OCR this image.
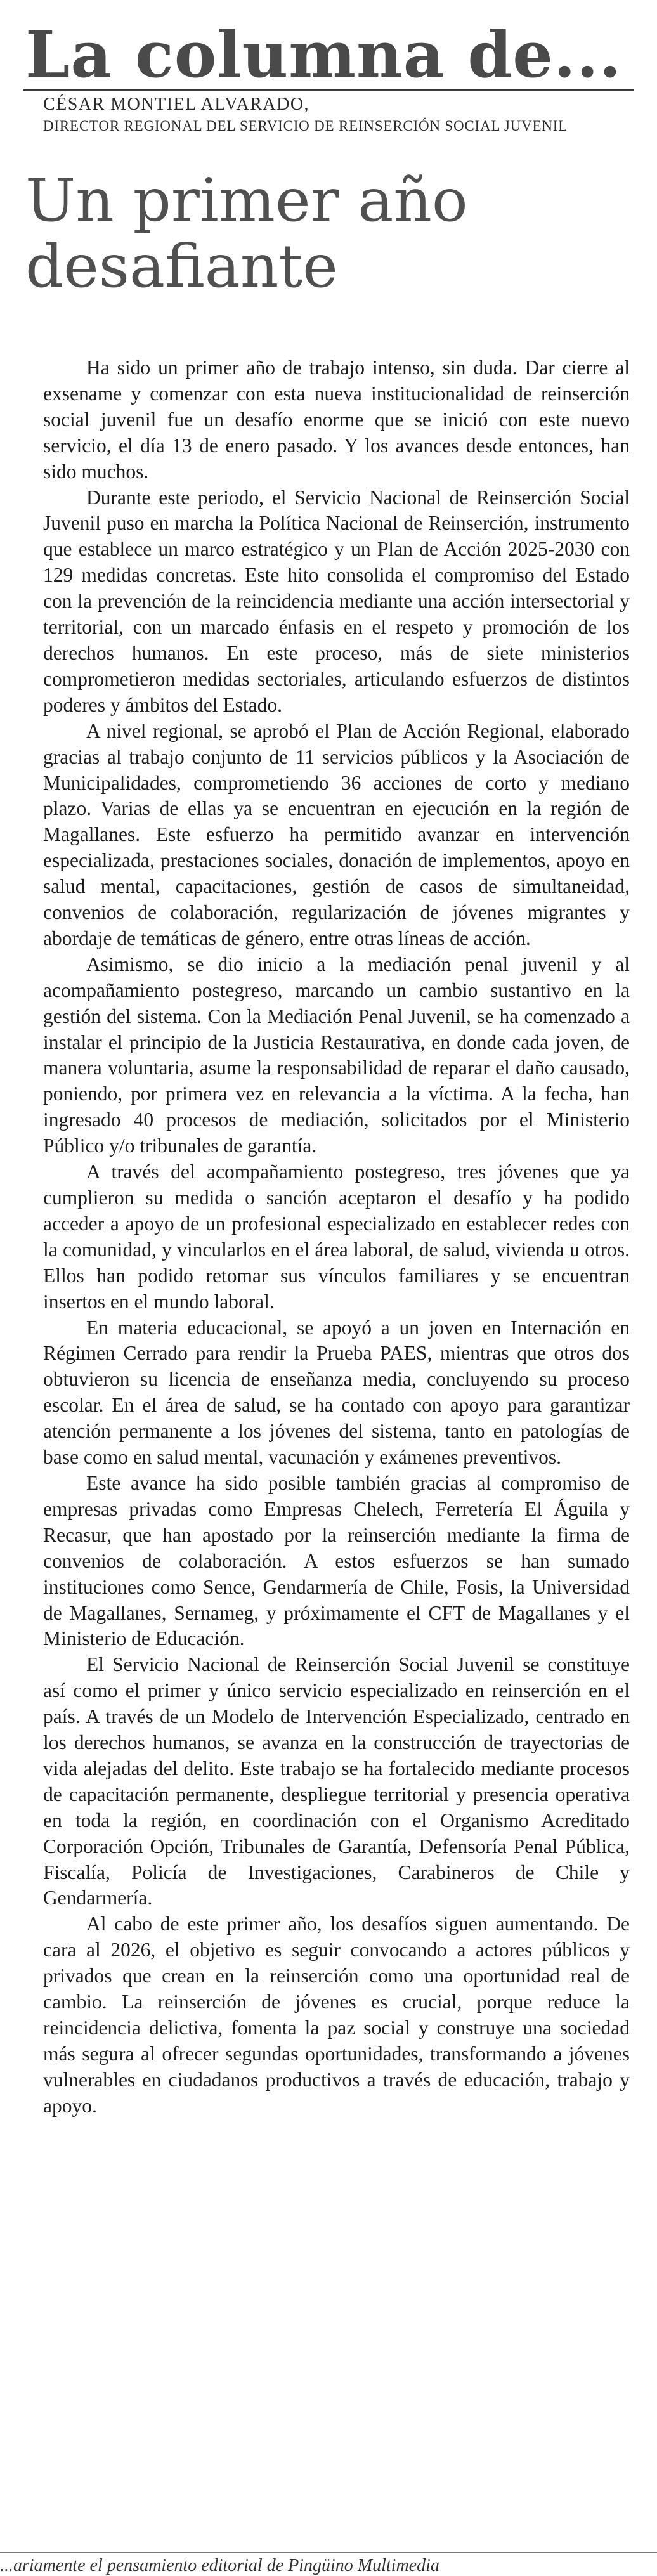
La columna de...

CÉSAR MONTIEL ALVARADO,

DIRECTOR REGIONAL DEL SERVICIO DE REINSERCIÓN SOCIAL JUVENIL

Un primer año desafiante

Ha sido un primer año de trabajo intenso, sin duda. Dar cierre al exsename y comenzar con esta nueva institucionalidad de reinserción social juvenil fue un desafío enorme que se inició con este nuevo servicio, el día 13 de enero pasado. Y los avances desde entonces, han sido muchos.

Durante este periodo, el Servicio Nacional de Reinserción Social Juvenil puso en marcha la Política Nacional de Reinserción, instrumento que establece un marco estratégico y un Plan de Acción 2025-2030 con 129 medidas concretas. Este hito consolida el compromiso del Estado con la prevención de la reincidencia mediante una acción intersectorial y territorial, con un marcado énfasis en el respeto y promoción de los derechos humanos. En este proceso, más de siete ministerios comprometieron medidas sectoriales, articulando esfuerzos de distintos poderes y ámbitos del Estado.

A nivel regional, se aprobó el Plan de Acción Regional, elaborado gracias al trabajo conjunto de 11 servicios públicos y la Asociación de Municipalidades, comprometiendo 36 acciones de corto y mediano plazo. Varias de ellas ya se encuentran en ejecución en la región de Magallanes. Este esfuerzo ha permitido avanzar en intervención especializada, prestaciones sociales, donación de implementos, apoyo en salud mental, capacitaciones, gestión de casos de simultaneidad, convenios de colaboración, regularización de jóvenes migrantes y abordaje de temáticas de género, entre otras líneas de acción.

Asimismo, se dio inicio a la mediación penal juvenil y al acompañamiento postegreso, marcando un cambio sustantivo en la gestión del sistema. Con la Mediación Penal Juvenil, se ha comenzado a instalar el principio de la Justicia Restaurativa, en donde cada joven, de manera voluntaria, asume la responsabilidad de reparar el daño causado, poniendo, por primera vez en relevancia a la víctima. A la fecha, han ingresado 40 procesos de mediación, solicitados por el Ministerio Público y/o tribunales de garantía.

A través del acompañamiento postegreso, tres jóvenes que ya cumplieron su medida o sanción aceptaron el desafío y ha podido acceder a apoyo de un profesional especializado en establecer redes con la comunidad, y vincularlos en el área laboral, de salud, vivienda u otros. Ellos han podido retomar sus vínculos familiares y se encuentran insertos en el mundo laboral.

En materia educacional, se apoyó a un joven en Internación en Régimen Cerrado para rendir la Prueba PAES, mientras que otros dos obtuvieron su licencia de enseñanza media, concluyendo su proceso escolar. En el área de salud, se ha contado con apoyo para garantizar atención permanente a los jóvenes del sistema, tanto en patologías de base como en salud mental, vacunación y exámenes preventivos.

Este avance ha sido posible también gracias al compromiso de empresas privadas como Empresas Chelech, Ferretería El Águila y Recasur, que han apostado por la reinserción mediante la firma de convenios de colaboración. A estos esfuerzos se han sumado instituciones como Sence, Gendarmería de Chile, Fosis, la Universidad de Magallanes, Sernameg, y próximamente el CFT de Magallanes y el Ministerio de Educación.

El Servicio Nacional de Reinserción Social Juvenil se constituye así como el primer y único servicio especializado en reinserción en el país. A través de un Modelo de Intervención Especializado, centrado en los derechos humanos, se avanza en la construcción de trayectorias de vida alejadas del delito. Este trabajo se ha fortalecido mediante procesos de capacitación permanente, despliegue territorial y presencia operativa en toda la región, en coordinación con el Organismo Acreditado Corporación Opción, Tribunales de Garantía, Defensoría Penal Pública, Fiscalía, Policía de Investigaciones, Carabineros de Chile y Gendarmería.

Al cabo de este primer año, los desafíos siguen aumentando. De cara al 2026, el objetivo es seguir convocando a actores públicos y privados que crean en la reinserción como una oportunidad real de cambio. La reinserción de jóvenes es crucial, porque reduce la reincidencia delictiva, fomenta la paz social y construye una sociedad más segura al ofrecer segundas oportunidades, transformando a jóvenes vulnerables en ciudadanos productivos a través de educación, trabajo y apoyo.

...ariamente el pensamiento editorial de Pingüino Multimedia
